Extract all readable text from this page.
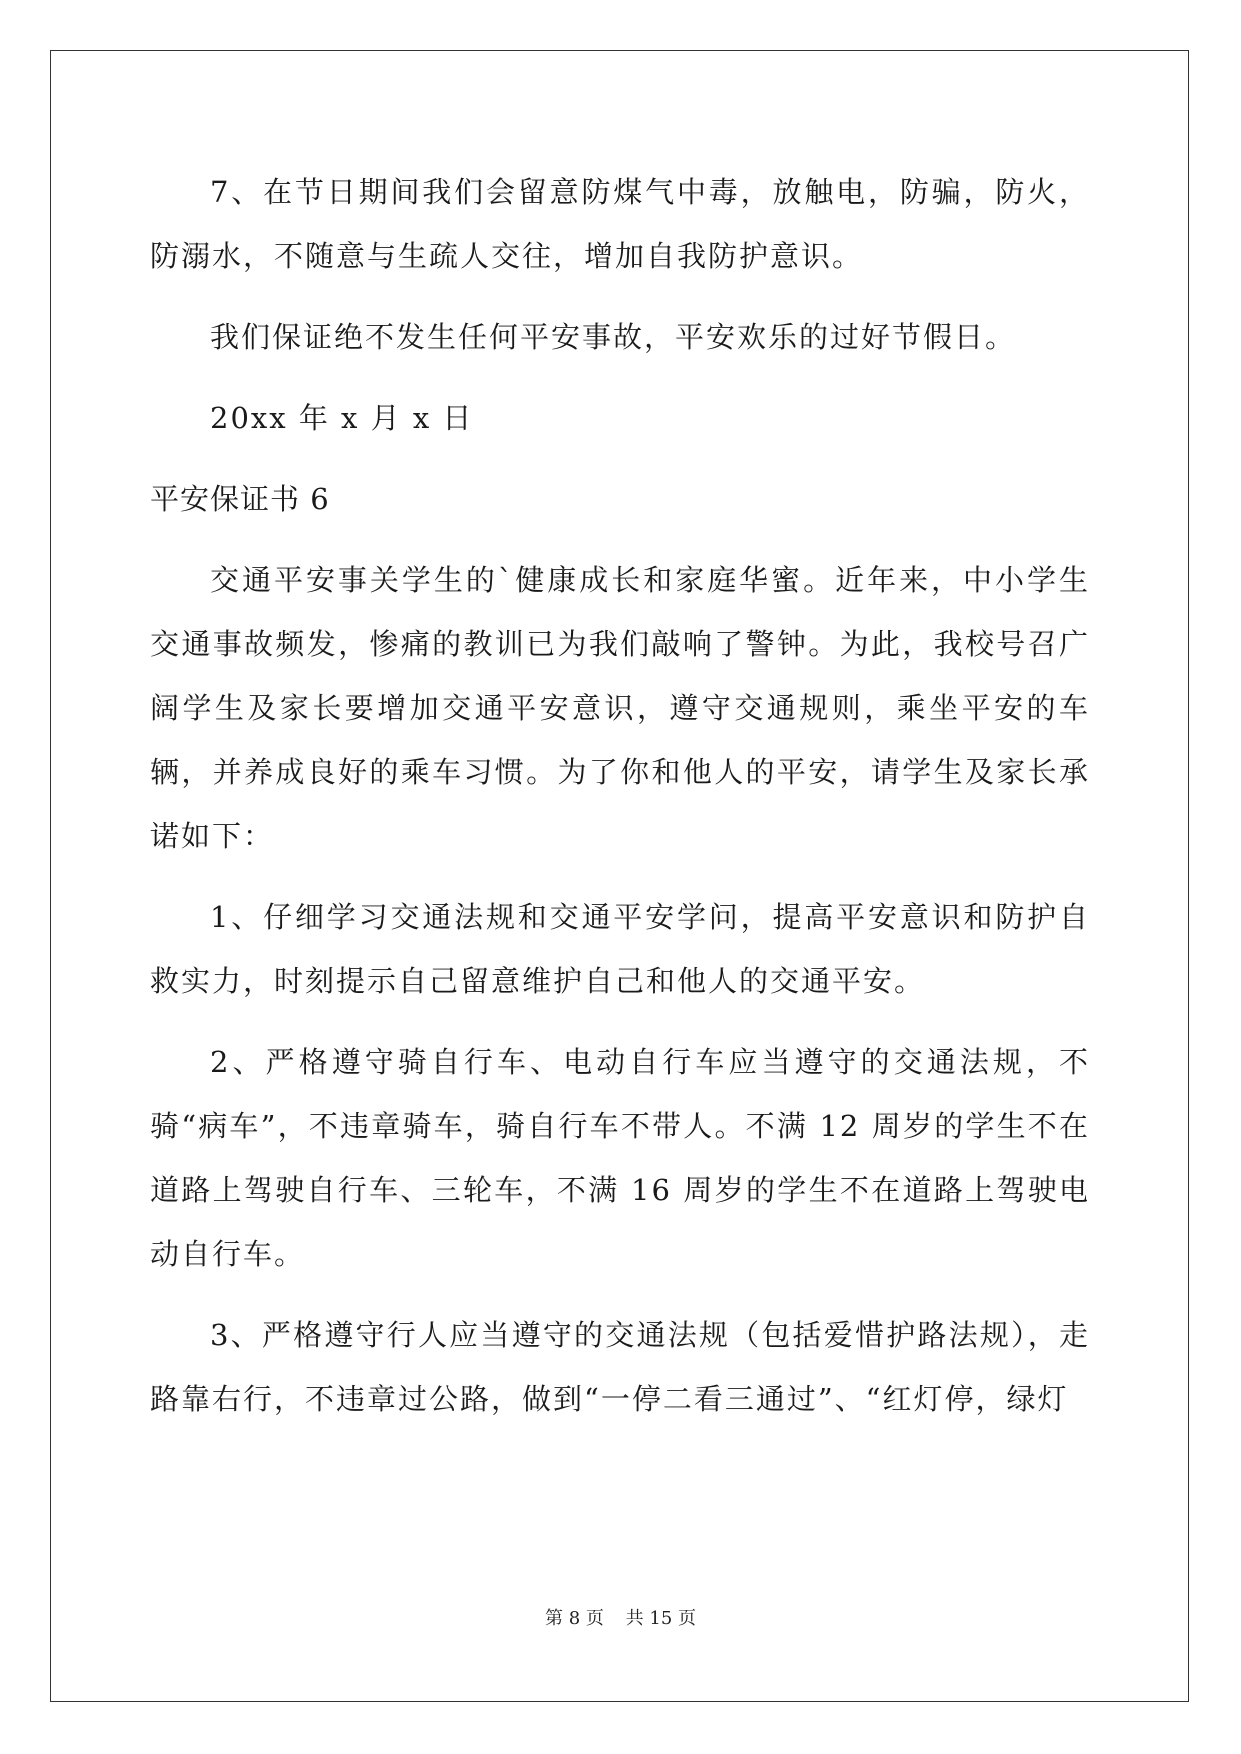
7、在节日期间我们会留意防煤气中毒，放触电，防骗，防火，防溺水，不随意与生疏人交往，增加自我防护意识。

我们保证绝不发生任何平安事故，平安欢乐的过好节假日。

20xx 年 x 月 x 日

平安保证书 6

交通平安事关学生的`健康成长和家庭华蜜。近年来，中小学生交通事故频发，惨痛的教训已为我们敲响了警钟。为此，我校号召广阔学生及家长要增加交通平安意识，遵守交通规则，乘坐平安的车辆，并养成良好的乘车习惯。为了你和他人的平安，请学生及家长承诺如下：

1、仔细学习交通法规和交通平安学问，提高平安意识和防护自救实力，时刻提示自己留意维护自己和他人的交通平安。

2、严格遵守骑自行车、电动自行车应当遵守的交通法规，不骑“病车”，不违章骑车，骑自行车不带人。不满 12 周岁的学生不在道路上驾驶自行车、三轮车，不满 16 周岁的学生不在道路上驾驶电动自行车。

3、严格遵守行人应当遵守的交通法规（包括爱惜护路法规），走路靠右行，不违章过公路，做到“一停二看三通过”、“红灯停，绿灯

第 8 页 共 15 页
